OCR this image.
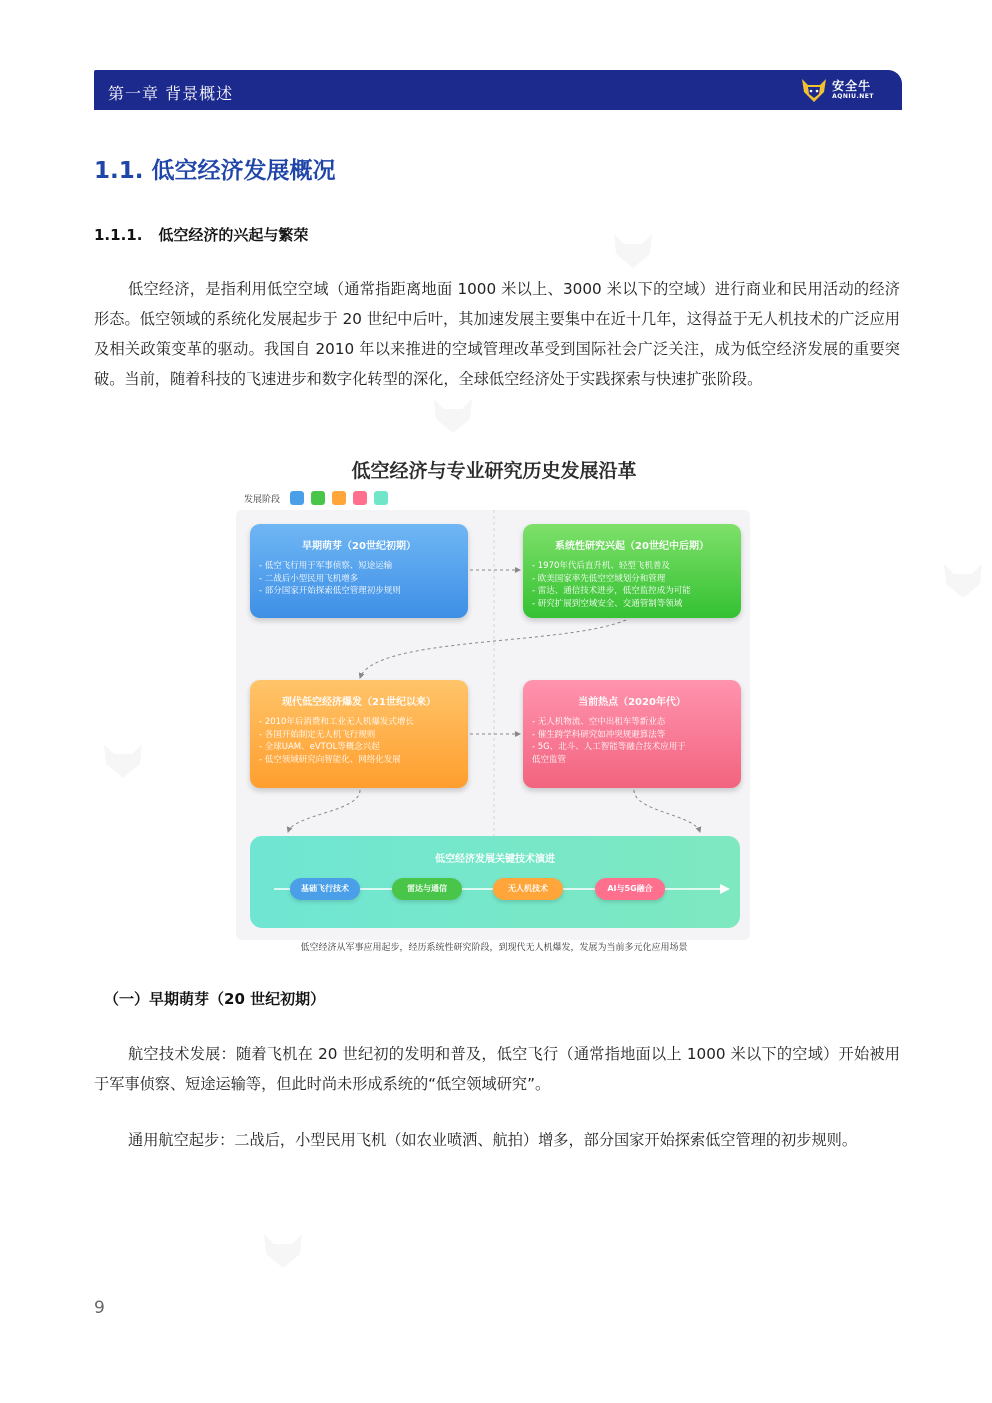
第一章 背景概述	安全牛
AQNIU.NET
1.1. 低空经济发展概况
1.1.1. 低空经济的兴起与繁荣
低空经济，是指利用低空空域（通常指距离地面 1000 米以上、3000 米以下的空域）进行商业和民用活动的经济形态。低空领域的系统化发展起步于 20 世纪中后叶，其加速发展主要集中在近十几年，这得益于无人机技术的广泛应用及相关政策变革的驱动。我国自 2010 年以来推进的空域管理改革受到国际社会广泛关注，成为低空经济发展的重要突破。当前，随着科技的飞速进步和数字化转型的深化，全球低空经济处于实践探索与快速扩张阶段。
低空经济与专业研究历史发展沿革
发展阶段
早期萌芽（20世纪初期）
- 低空飞行用于军事侦察、短途运输
- 二战后小型民用飞机增多
- 部分国家开始探索低空管理初步规则
系统性研究兴起（20世纪中后期）
- 1970年代后直升机、轻型飞机普及
- 欧美国家率先低空空域划分和管理
- 雷达、通信技术进步，低空监控成为可能
- 研究扩展到空域安全、交通管制等领域
现代低空经济爆发（21世纪以来）
- 2010年后消费和工业无人机爆发式增长
- 各国开始制定无人机飞行规则
- 全球UAM、eVTOL等概念兴起
- 低空领域研究向智能化、网络化发展
当前热点（2020年代）
- 无人机物流、空中出租车等新业态
- 催生跨学科研究如冲突规避算法等
- 5G、北斗、人工智能等融合技术应用于
低空监管
低空经济发展关键技术演进
基础飞行技术	雷达与通信	无人机技术	AI与5G融合
低空经济从军事应用起步，经历系统性研究阶段，到现代无人机爆发，发展为当前多元化应用场景
（一）早期萌芽（20 世纪初期）
航空技术发展：随着飞机在 20 世纪初的发明和普及，低空飞行（通常指地面以上 1000 米以下的空域）开始被用于军事侦察、短途运输等，但此时尚未形成系统的“低空领域研究”。
通用航空起步：二战后，小型民用飞机（如农业喷洒、航拍）增多，部分国家开始探索低空管理的初步规则。
9
